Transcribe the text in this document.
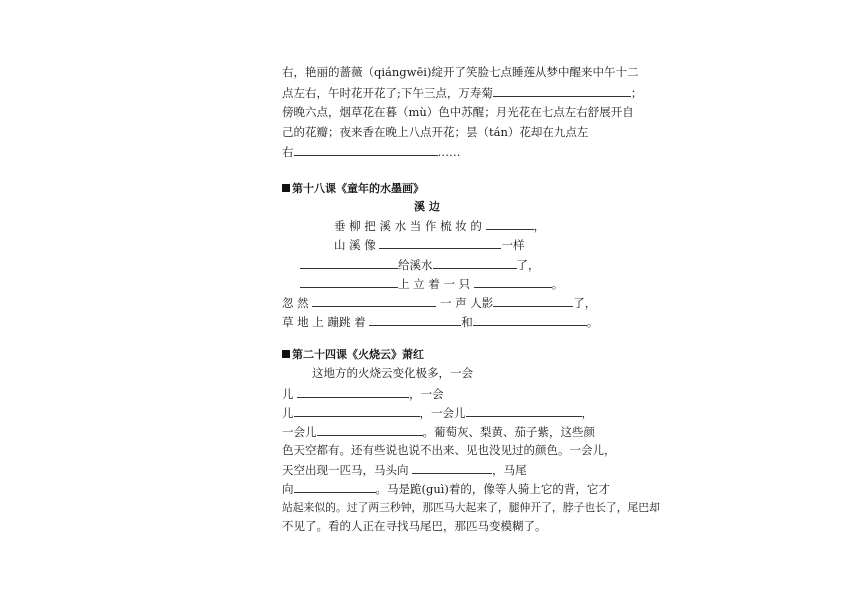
右，艳丽的蔷薇（qiángwēi)绽开了笑脸七点睡莲从梦中醒来中午十二
点左右，午时花开花了;下午三点，万寿菊	；
傍晚六点，烟草花在暮（mù）色中苏醒；月光花在七点左右舒展开自
己的花瓣；夜来香在晚上八点开花；昙（tán）花却在九点左
右	……
第十八课《童年的水墨画》
溪 边
垂 柳 把 溪 水 当 作 梳 妆 的	，
山 溪 像	一样
给溪水	了，
上 立 着 一 只	。
忽 然	一 声 人影	了，
草 地 上 蹦跳 着	和	。
第二十四课《火烧云》萧红
这地方的火烧云变化极多，一会
儿	，一会
儿	，一会儿	，
一会儿	。葡萄灰、梨黄、茄子紫，这些颜
色天空都有。还有些说也说不出来、见也没见过的颜色。一会儿，
天空出现一匹马，马头向	，马尾
向	。马是跪(guì)着的，像等人骑上它的背，它才
站起来似的。过了两三秒钟，那匹马大起来了，腿伸开了，脖子也长了，尾巴却
不见了。看的人正在寻找马尾巴，那匹马变模糊了。
